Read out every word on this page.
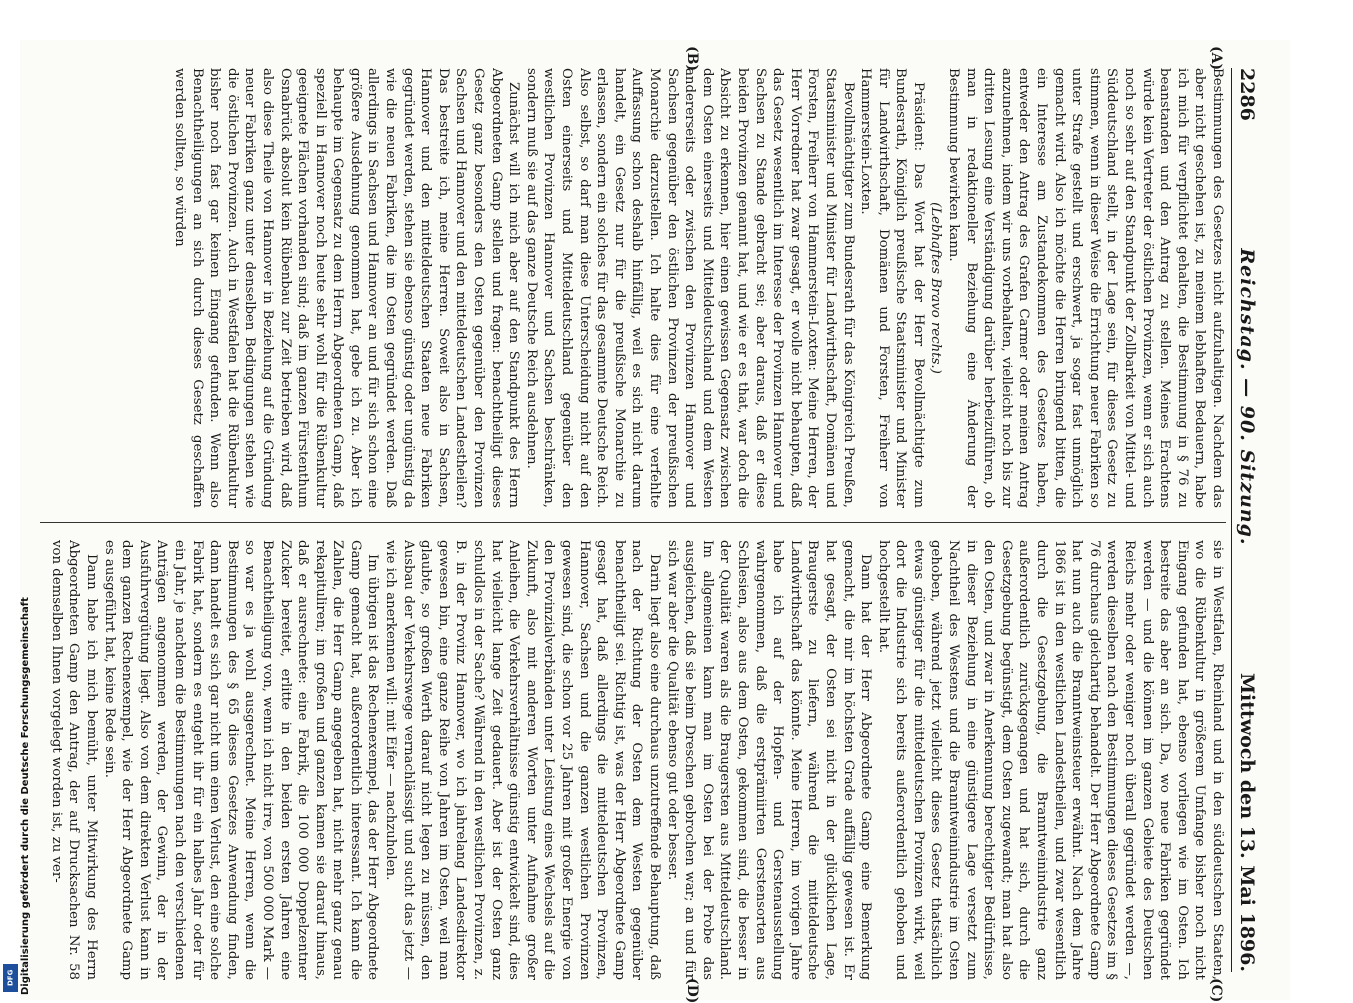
2286
Reichstag. — 90. Sitzung.
Mittwoch den 13. Mai 1896.
(A)
(B)
(C)
(D)

Bestimmungen des Gesetzes nicht aufzuhaltigen. Nachdem das aber nicht geschehen ist, zu meinem lebhaften Bedauern, habe ich mich für verpflichtet gehalten, die Bestimmung in § 76 zu beanstanden und den Antrag zu stellen. Meines Erachtens würde kein Vertreter der östlichen Provinzen, wenn er sich auch noch so sehr auf den Standpunkt der Zollbarkeit von Mittel- und Süddeutschland stellt, in der Lage sein, für dieses Gesetz zu stimmen, wenn in dieser Weise die Errichtung neuer Fabriken so unter Strafe gestellt und erschwert, ja sogar fast unmöglich gemacht wird. Also ich möchte die Herren bringend bitten, die ein Interesse am Zustandekommen des Gesetzes haben, entweder den Antrag des Grafen Carmer oder meinen Antrag anzunehmen, indem wir uns vorbehalten, vielleicht noch bis zur dritten Lesung eine Verständigung darüber herbeizuführen, ob man in redaktioneller Beziehung eine Änderung der Bestimmung bewirken kann.

(Lebhaftes Bravo rechts.)

Präsident: Das Wort hat der Herr Bevollmächtigte zum Bundesrath, Königlich preußische Staatsminister und Minister für Landwirthschaft, Domänen und Forsten, Freiherr von Hammerstein-Loxten.

Bevollmächtigter zum Bundesrath für das Königreich Preußen, Staatsminister und Minister für Landwirthschaft, Domänen und Forsten, Freiherr von Hammerstein-Loxten: Meine Herren, der Herr Vorredner hat zwar gesagt, er wolle nicht behaupten, daß das Gesetz wesentlich im Interesse der Provinzen Hannover und Sachsen zu Stande gebracht sei; aber daraus, daß er diese beiden Provinzen genannt hat, und wie er es that, war doch die Absicht zu erkennen, hier einen gewissen Gegensatz zwischen dem Osten einerseits und Mitteldeutschland und dem Westen andererseits oder zwischen den Provinzen Hannover und Sachsen gegenüber den östlichen Provinzen der preußischen Monarchie darzustellen. Ich halte dies für eine verfehlte Auffassung schon deshalb hinfällig, weil es sich nicht darum handelt, ein Gesetz nur für die preußische Monarchie zu erlassen, sondern ein solches für das gesammte Deutsche Reich. Also selbst, so darf man diese Unterscheidung nicht auf den Osten einerseits und Mitteldeutschland gegenüber den westlichen Provinzen Hannover und Sachsen beschränken, sondern muß sie auf das ganze Deutsche Reich ausdehnen.

Zunächst will ich mich aber auf den Standpunkt des Herrn Abgeordneten Gamp stellen und fragen: benachtheiligt dieses Gesetz ganz besonders den Osten gegenüber den Provinzen Sachsen und Hannover und den mitteldeutschen Landestheilen? Das bestreite ich, meine Herren. Soweit also in Sachsen, Hannover und den mitteldeutschen Staaten neue Fabriken gegründet werden, stehen sie ebenso günstig oder ungünstig da wie die neuen Fabriken, die im Osten gegründet werden. Daß allerdings in Sachsen und Hannover an und für sich schon eine größere Ausdehnung genommen hat, gebe ich zu. Aber ich behaupte im Gegensatz zu dem Herrn Abgeordneten Gamp, daß speziell in Hannover noch heute sehr wohl für die Rübenkultur geeignete Flächen vorhanden sind; daß im ganzen Fürstenthum Osnabrück absolut kein Rübenbau zur Zeit betrieben wird, daß also diese Theile von Hannover in Beziehung auf die Gründung neuer Fabriken ganz unter denselben Bedingungen stehen wie die östlichen Provinzen. Auch in Westfalen hat die Rübenkultur bisher noch fast gar keinen Eingang gefunden. Wenn also Benachtheiligungen an sich durch dieses Gesetz geschaffen werden sollten, so würden

sie in Westfalen, Rheinland und in den süddeutschen Staaten, wo die Rübenkultur in größerem Umfange bisher noch nicht Eingang gefunden hat, ebenso vorliegen wie im Osten. Ich bestreite das aber an sich. Da, wo neue Fabriken gegründet werden — und die können im ganzen Gebiete des Deutschen Reichs mehr oder weniger noch überall gegründet werden —, werden dieselben nach den Bestimmungen dieses Gesetzes im § 76 durchaus gleichartig behandelt. Der Herr Abgeordnete Gamp hat nun auch die Branntweinsteuer erwähnt. Nach dem Jahre 1866 ist in den westlichen Landestheilen, und zwar wesentlich durch die Gesetzgebung, die Branntweinindustrie ganz außerordentlich zurückgegangen und hat sich, durch die Gesetzgebung begünstigt, dem Osten zugewandt; man hat also den Osten, und zwar in Anerkennung berechtigter Bedürfnisse, in dieser Beziehung in eine günstigere Lage versetzt zum Nachtheil des Westens und die Branntweinindustrie im Osten gehoben, während jetzt vielleicht dieses Gesetz thatsächlich etwas günstiger für die mitteldeutschen Provinzen wirkt, weil dort die Industrie sich bereits außerordentlich gehoben und hochgestellt hat.

Dann hat der Herr Abgeordnete Gamp eine Bemerkung gemacht, die mir im höchsten Grade auffällig gewesen ist. Er hat gesagt, der Osten sei nicht in der glücklichen Lage, Braugerste zu liefern, während die mitteldeutsche Landwirthschaft das könnte. Meine Herren, im vorigen Jahre habe ich auf der Hopfen- und Gerstenausstellung wahrgenommen, daß die erstprämiirten Gerstensorten aus Schlesien, also aus dem Osten, gekommen sind, die besser in der Qualität waren als die Braugersten aus Mitteldeutschland. Im allgemeinen kann man im Osten bei der Probe das ausgleichen, daß sie beim Dreschen gebrochen war; an und für sich war aber die Qualität ebenso gut oder besser.

Darin liegt also eine durchaus unzutreffende Behauptung, daß nach der Richtung der Osten dem Westen gegenüber benachtheiligt sei. Richtig ist, was der Herr Abgeordnete Gamp gesagt hat, daß allerdings die mitteldeutschen Provinzen, Hannover, Sachsen und die ganzen westlichen Provinzen gewesen sind, die schon vor 25 Jahren mit großer Energie von den Provinzialverbänden unter Leistung eines Wechsels auf die Zukunft, also mit anderen Worten unter Aufnahme großer Anleihen, die Verkehrsverhältnisse günstig entwickelt sind, dies hat vielleicht lange Zeit gedauert. Aber ist der Osten ganz schuldlos in der Sache? Während in den westlichen Provinzen, z. B. in der Provinz Hannover, wo ich jahrelang Landesdirektor gewesen bin, eine ganze Reihe von Jahren im Osten, weil man glaubte, so großen Werth darauf nicht legen zu müssen, den Ausbau der Verkehrswege vernachlässigt und sucht das jetzt — wie ich anerkennen will: mit Eifer — nachzuholen.

Im übrigen ist das Rechenexempel, das der Herr Abgeordnete Gamp gemacht hat, außerordentlich interessant. Ich kann die Zahlen, die Herr Gamp angegeben hat, nicht mehr ganz genau rekapituliren; im großen und ganzen kamen sie darauf hinaus, daß er ausrechnete: eine Fabrik, die 100 000 Doppelzentner Zucker bereitet, erlitte in den beiden ersten Jahren eine Benachtheiligung von, wenn ich nicht irre, von 500 000 Mark — so war es ja wohl ausgerechnet. Meine Herren, wenn die Bestimmungen des § 65 dieses Gesetzes Anwendung finden, dann handelt es sich gar nicht um einen Verlust, den eine solche Fabrik hat, sondern es entgeht ihr für ein halbes Jahr oder für ein Jahr, je nachdem die Bestimmungen nach den verschiedenen Anträgen angenommen werden, der Gewinn, der in der Ausfuhrvergütung liegt. Also von dem direkten Verlust kann in dem ganzen Rechenexempel, wie der Herr Abgeordnete Gamp es ausgeführt hat, keine Rede sein.

Dann habe ich mich bemüht, unter Mitwirkung des Herrn Abgeordneten Gamp den Antrag, der auf Drucksachen Nr. 58 von demselben Ihnen vorgelegt worden ist, zu ver-

Digitalisierung gefördert durch die Deutsche Forschungsgemeinschaft
DFG
